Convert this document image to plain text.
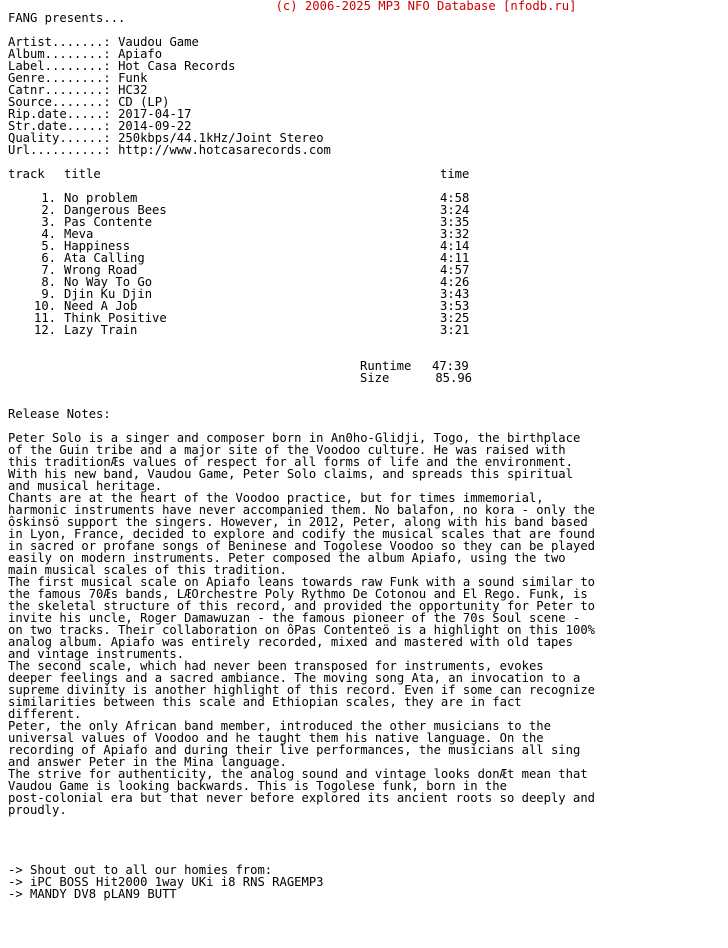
(c) 2006-2025 MP3 NFO Database [nfodb.ru]
FANG presents...
Artist.......: Vaudou Game
Album........: Apiafo
Label........: Hot Casa Records
Genre........: Funk
Catnr........: HC32
Source.......: CD (LP)
Rip.date.....: 2017-04-17
Str.date.....: 2014-09-22
Quality......: 250kbps/44.1kHz/Joint Stereo
Url..........: http://www.hotcasarecords.com
track title	time
1. No problem	4:58
2. Dangerous Bees	3:24
3. Pas Contente	3:35
4. Meva	3:32
5. Happiness	4:14
6. Ata Calling	4:11
7. Wrong Road	4:57
8. No Way To Go	4:26
9. Djin Ku Djin	3:43
10. Need A Job	3:53
11. Think Positive	3:25
12. Lazy Train	3:21
Runtime 47:39
Size	85.96
Release Notes:
Peter Solo is a singer and composer born in An0ho-Glidji, Togo, the birthplace
of the Guin tribe and a major site of the Voodoo culture. He was raised with
this traditionÆs values of respect for all forms of life and the environment.
With his new band, Vaudou Game, Peter Solo claims, and spreads this spiritual
and musical heritage.
Chants are at the heart of the Voodoo practice, but for times immemorial,
harmonic instruments have never accompanied them. No balafon, no kora - only the
ôskinsö support the singers. However, in 2012, Peter, along with his band based
in Lyon, France, decided to explore and codify the musical scales that are found
in sacred or profane songs of Beninese and Togolese Voodoo so they can be played
easily on modern instruments. Peter composed the album Apiafo, using the two
main musical scales of this tradition.
The first musical scale on Apiafo leans towards raw Funk with a sound similar to
the famous 70Æs bands, LÆOrchestre Poly Rythmo De Cotonou and El Rego. Funk, is
the skeletal structure of this record, and provided the opportunity for Peter to
invite his uncle, Roger Damawuzan - the famous pioneer of the 70s Soul scene -
on two tracks. Their collaboration on ôPas Contenteö is a highlight on this 100%
analog album. Apiafo was entirely recorded, mixed and mastered with old tapes
and vintage instruments.
The second scale, which had never been transposed for instruments, evokes
deeper feelings and a sacred ambiance. The moving song Ata, an invocation to a
supreme divinity is another highlight of this record. Even if some can recognize
similarities between this scale and Ethiopian scales, they are in fact
different.
Peter, the only African band member, introduced the other musicians to the
universal values of Voodoo and he taught them his native language. On the
recording of Apiafo and during their live performances, the musicians all sing
and answer Peter in the Mina language.
The strive for authenticity, the analog sound and vintage looks donÆt mean that
Vaudou Game is looking backwards. This is Togolese funk, born in the
post-colonial era but that never before explored its ancient roots so deeply and
proudly.
-> Shout out to all our homies from:
-> iPC BOSS Hit2000 1way UKi i8 RNS RAGEMP3
-> MANDY DV8 pLAN9 BUTT
